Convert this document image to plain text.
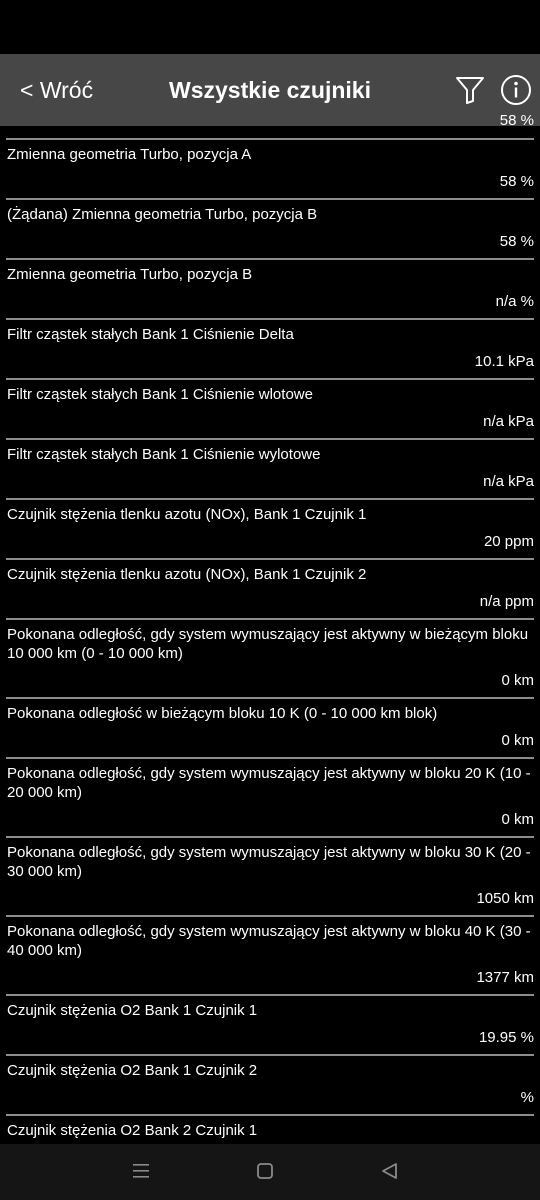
< Wróć	Wszystkie czujniki
58 %
Zmienna geometria Turbo, pozycja A
58 %
(Żądana) Zmienna geometria Turbo, pozycja B
58 %
Zmienna geometria Turbo, pozycja B
n/a %
Filtr cząstek stałych Bank 1 Ciśnienie Delta
10.1 kPa
Filtr cząstek stałych Bank 1 Ciśnienie wlotowe
n/a kPa
Filtr cząstek stałych Bank 1 Ciśnienie wylotowe
n/a kPa
Czujnik stężenia tlenku azotu (NOx), Bank 1 Czujnik 1
20 ppm
Czujnik stężenia tlenku azotu (NOx), Bank 1 Czujnik 2
n/a ppm
Pokonana odległość, gdy system wymuszający jest aktywny w bieżącym bloku 10 000 km (0 - 10 000 km)
0 km
Pokonana odległość w bieżącym bloku 10 K (0 - 10 000 km blok)
0 km
Pokonana odległość, gdy system wymuszający jest aktywny w bloku 20 K (10 - 20 000 km)
0 km
Pokonana odległość, gdy system wymuszający jest aktywny w bloku 30 K (20 - 30 000 km)
1050 km
Pokonana odległość, gdy system wymuszający jest aktywny w bloku 40 K (30 - 40 000 km)
1377 km
Czujnik stężenia O2 Bank 1 Czujnik 1
19.95 %
Czujnik stężenia O2 Bank 1 Czujnik 2
%
Czujnik stężenia O2 Bank 2 Czujnik 1
